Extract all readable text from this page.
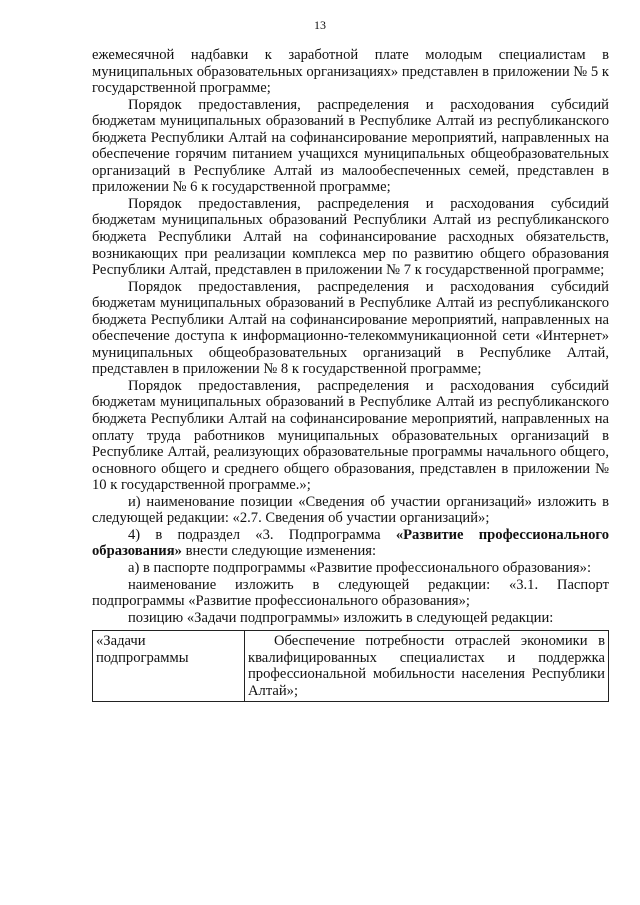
13

ежемесячной надбавки к заработной плате молодым специалистам в муниципальных образовательных организациях» представлен в приложении № 5 к государственной программе;

Порядок предоставления, распределения и расходования субсидий бюджетам муниципальных образований в Республике Алтай из республиканского бюджета Республики Алтай на софинансирование мероприятий, направленных на обеспечение горячим питанием учащихся муниципальных общеобразовательных организаций в Республике Алтай из малообеспеченных семей, представлен в приложении № 6 к государственной программе;

Порядок предоставления, распределения и расходования субсидий бюджетам муниципальных образований Республики Алтай из республиканского бюджета Республики Алтай на софинансирование расходных обязательств, возникающих при реализации комплекса мер по развитию общего образования Республики Алтай, представлен в приложении № 7 к государственной программе;

Порядок предоставления, распределения и расходования субсидий бюджетам муниципальных образований в Республике Алтай из республиканского бюджета Республики Алтай на софинансирование мероприятий, направленных на обеспечение доступа к информационно-телекоммуникационной сети «Интернет» муниципальных общеобразовательных организаций в Республике Алтай, представлен в приложении № 8 к государственной программе;

Порядок предоставления, распределения и расходования субсидий бюджетам муниципальных образований в Республике Алтай из республиканского бюджета Республики Алтай на софинансирование мероприятий, направленных на оплату труда работников муниципальных образовательных организаций в Республике Алтай, реализующих образовательные программы начального общего, основного общего и среднего общего образования, представлен в приложении № 10 к государственной программе.»;

и) наименование позиции «Сведения об участии организаций» изложить в следующей редакции: «2.7. Сведения об участии организаций»;

4) в подраздел «3. Подпрограмма «Развитие профессионального образования» внести следующие изменения:

а) в паспорте подпрограммы «Развитие профессионального образования»:

наименование изложить в следующей редакции: «3.1. Паспорт подпрограммы «Развитие профессионального образования»;

позицию «Задачи подпрограммы» изложить в следующей редакции:

«Задачи подпрограммы	Обеспечение потребности отраслей экономики в квалифицированных специалистах и поддержка профессиональной мобильности населения Республики Алтай»;
